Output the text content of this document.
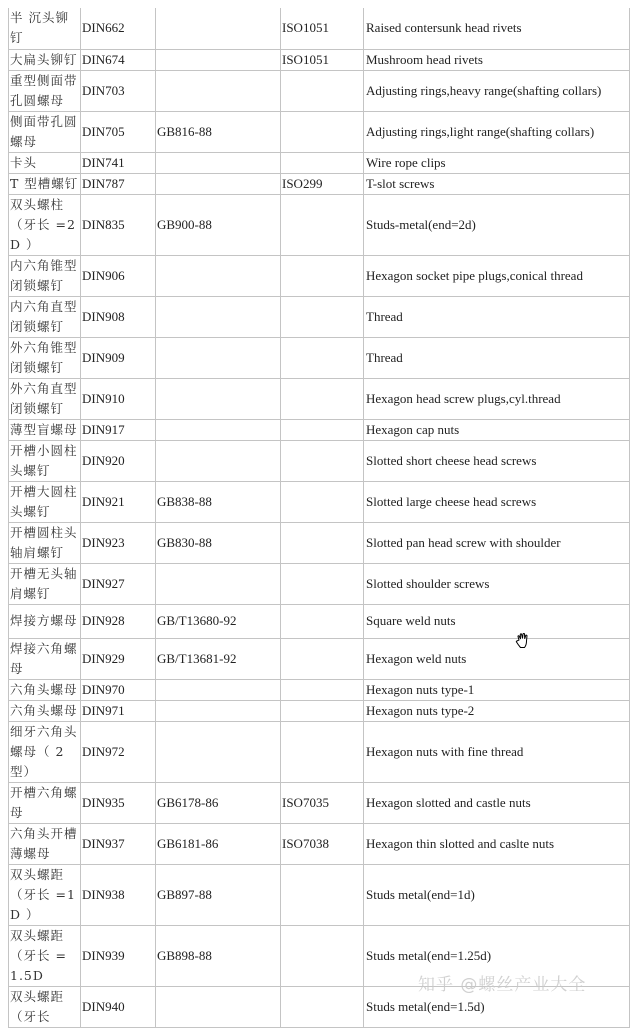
半 沉头铆钉	DIN662		ISO1051	Raised contersunk head rivets
大扁头铆钉	DIN674		ISO1051	Mushroom head rivets
重型侧面带孔圆螺母	DIN703			Adjusting rings,heavy range(shafting collars)
侧面带孔圆螺母	DIN705	GB816-88		Adjusting rings,light range(shafting collars)
卡头	DIN741			Wire rope clips
T 型槽螺钉	DIN787		ISO299	T-slot screws
双头螺柱（牙长 =2D ）	DIN835	GB900-88		Studs-metal(end=2d)
内六角锥型闭锁螺钉	DIN906			Hexagon socket pipe plugs,conical thread
内六角直型闭锁螺钉	DIN908			Thread
外六角锥型闭锁螺钉	DIN909			Thread
外六角直型闭锁螺钉	DIN910			Hexagon head screw plugs,cyl.thread
薄型盲螺母	DIN917			Hexagon cap nuts
开槽小圆柱头螺钉	DIN920			Slotted short cheese head screws
开槽大圆柱头螺钉	DIN921	GB838-88		Slotted large cheese head screws
开槽圆柱头轴肩螺钉	DIN923	GB830-88		Slotted pan head screw with shoulder
开槽无头轴肩螺钉	DIN927			Slotted shoulder screws
焊接方螺母	DIN928	GB/T13680-92		Square weld nuts
焊接六角螺母	DIN929	GB/T13681-92		Hexagon weld nuts
六角头螺母	DIN970			Hexagon nuts type-1
六角头螺母	DIN971			Hexagon nuts type-2
细牙六角头螺母（ 2 型）	DIN972			Hexagon nuts with fine thread
开槽六角螺母	DIN935	GB6178-86	ISO7035	Hexagon slotted and castle nuts
六角头开槽薄螺母	DIN937	GB6181-86	ISO7038	Hexagon thin slotted and caslte nuts
双头螺距（牙长 =1D ）	DIN938	GB897-88		Studs metal(end=1d)
双头螺距（牙长 =1.5D	DIN939	GB898-88		Studs metal(end=1.25d)
双头螺距（牙长	DIN940			Studs metal(end=1.5d)
知乎 @螺丝产业大全
